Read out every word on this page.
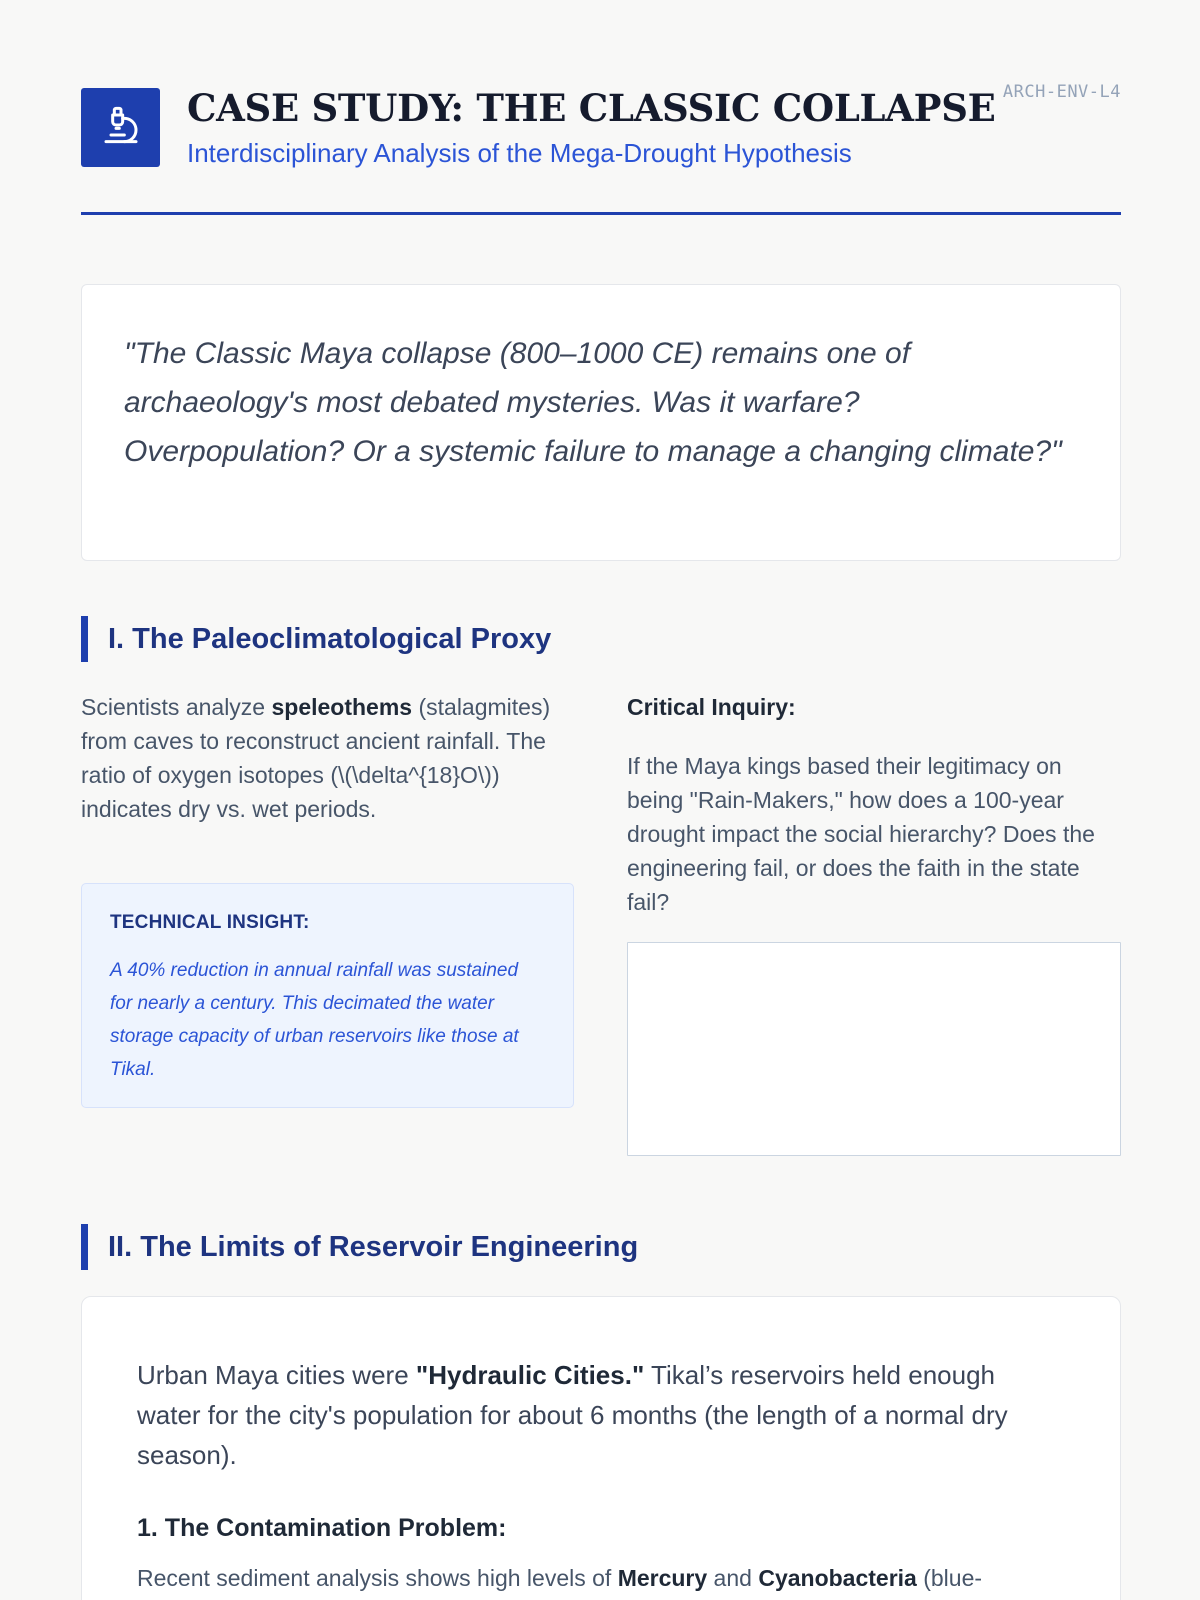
CASE STUDY: THE CLASSIC COLLAPSE
Interdisciplinary Analysis of the Mega-Drought Hypothesis
ARCH-ENV-L4

"The Classic Maya collapse (800–1000 CE) remains one of archaeology's most debated mysteries. Was it warfare? Overpopulation? Or a systemic failure to manage a changing climate?"

I. The Paleoclimatological Proxy

Scientists analyze speleothems (stalagmites) from caves to reconstruct ancient rainfall. The ratio of oxygen isotopes (\(\delta^{18}O\)) indicates dry vs. wet periods.

TECHNICAL INSIGHT:

A 40% reduction in annual rainfall was sustained for nearly a century. This decimated the water storage capacity of urban reservoirs like those at Tikal.

Critical Inquiry:

If the Maya kings based their legitimacy on being "Rain-Makers," how does a 100-year drought impact the social hierarchy? Does the engineering fail, or does the faith in the state fail?

II. The Limits of Reservoir Engineering

Urban Maya cities were "Hydraulic Cities." Tikal’s reservoirs held enough water for the city's population for about 6 months (the length of a normal dry season).

1. The Contamination Problem:

Recent sediment analysis shows high levels of Mercury and Cyanobacteria (blue-
